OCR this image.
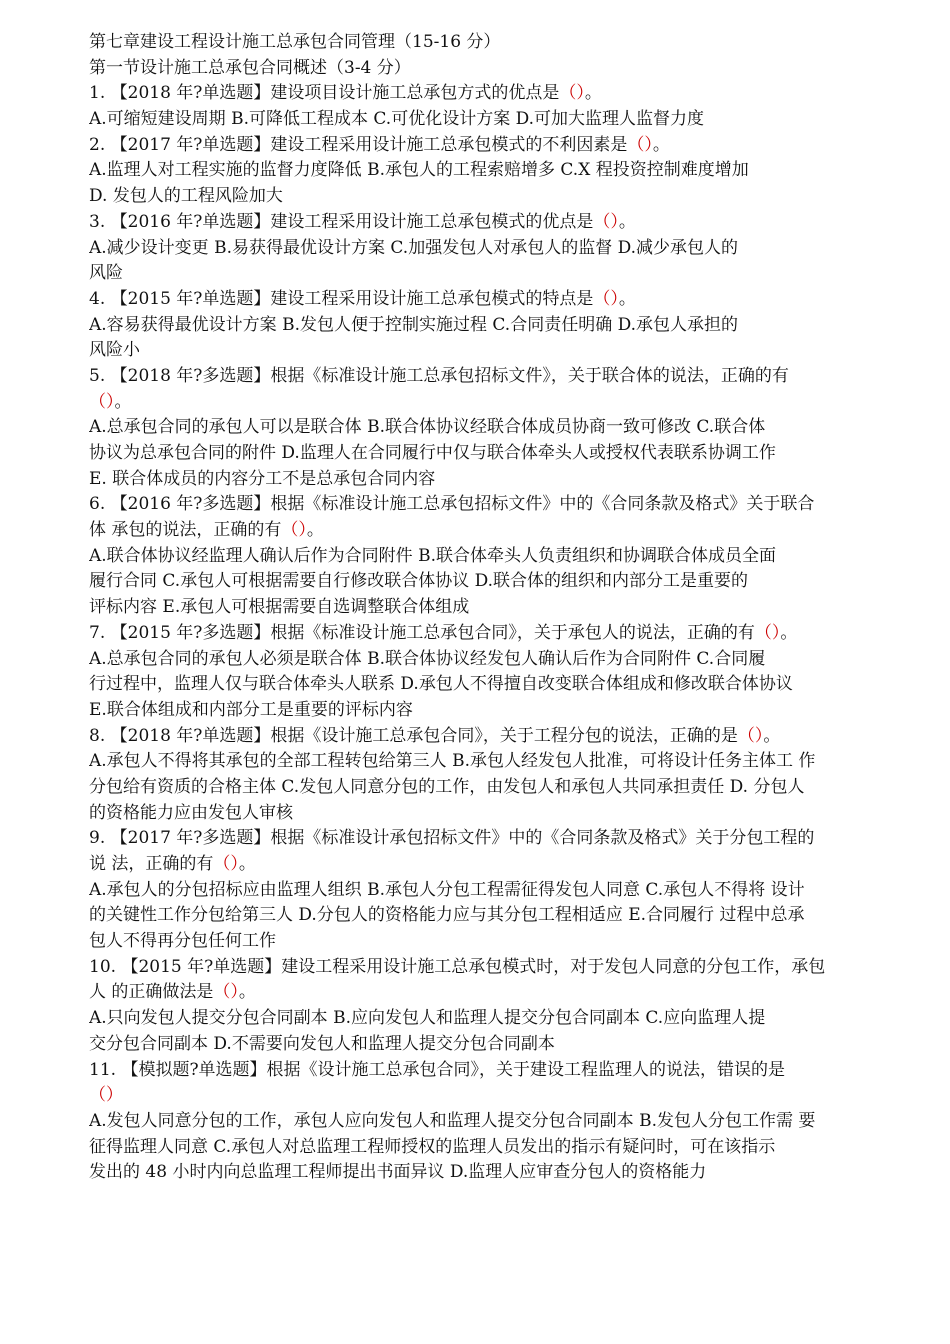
第七章建设工程设计施工总承包合同管理（15-16 分）
第一节设计施工总承包合同概述（3-4 分）
1. 【2018 年?单选题】建设项目设计施工总承包方式的优点是（）。
A.可缩短建设周期 B.可降低工程成本 C.可优化设计方案 D.可加大监理人监督力度
2. 【2017 年?单选题】建设工程采用设计施工总承包模式的不利因素是（）。
A.监理人对工程实施的监督力度降低 B.承包人的工程索赔增多 C.X 程投资控制难度增加
D. 发包人的工程风险加大
3. 【2016 年?单选题】建设工程采用设计施工总承包模式的优点是（）。
A.减少设计变更 B.易获得最优设计方案 C.加强发包人对承包人的监督 D.减少承包人的
风险
4. 【2015 年?单选题】建设工程采用设计施工总承包模式的特点是（）。
A.容易获得最优设计方案 B.发包人便于控制实施过程 C.合同责任明确 D.承包人承担的
风险小
5. 【2018 年?多选题】根据《标准设计施工总承包招标文件》，关于联合体的说法，正确的有
（）。
A.总承包合同的承包人可以是联合体 B.联合体协议经联合体成员协商一致可修改 C.联合体
协议为总承包合同的附件 D.监理人在合同履行中仅与联合体牵头人或授权代表联系协调工作
E. 联合体成员的内容分工不是总承包合同内容
6. 【2016 年?多选题】根据《标准设计施工总承包招标文件》中的《合同条款及格式》关于联合
体 承包的说法，正确的有（）。
A.联合体协议经监理人确认后作为合同附件 B.联合体牵头人负责组织和协调联合体成员全面
履行合同 C.承包人可根据需要自行修改联合体协议 D.联合体的组织和内部分工是重要的
评标内容 E.承包人可根据需要自选调整联合体组成
7. 【2015 年?多选题】根据《标准设计施工总承包合同》，关于承包人的说法，正确的有（）。
A.总承包合同的承包人必须是联合体 B.联合体协议经发包人确认后作为合同附件 C.合同履
行过程中，监理人仅与联合体牵头人联系 D.承包人不得擅自改变联合体组成和修改联合体协议
E.联合体组成和内部分工是重要的评标内容
8. 【2018 年?单选题】根据《设计施工总承包合同》，关于工程分包的说法，正确的是（）。
A.承包人不得将其承包的全部工程转包给第三人 B.承包人经发包人批准，可将设计任务主体工 作
分包给有资质的合格主体 C.发包人同意分包的工作，由发包人和承包人共同承担责任 D. 分包人
的资格能力应由发包人审核
9. 【2017 年?多选题】根据《标准设计承包招标文件》中的《合同条款及格式》关于分包工程的
说 法，正确的有（）。
A.承包人的分包招标应由监理人组织 B.承包人分包工程需征得发包人同意 C.承包人不得将 设计
的关键性工作分包给第三人 D.分包人的资格能力应与其分包工程相适应 E.合同履行 过程中总承
包人不得再分包任何工作
10. 【2015 年?单选题】建设工程采用设计施工总承包模式时，对于发包人同意的分包工作，承包
人 的正确做法是（）。
A.只向发包人提交分包合同副本 B.应向发包人和监理人提交分包合同副本 C.应向监理人提
交分包合同副本 D.不需要向发包人和监理人提交分包合同副本
11. 【模拟题?单选题】根据《设计施工总承包合同》，关于建设工程监理人的说法，错误的是
（）
A.发包人同意分包的工作，承包人应向发包人和监理人提交分包合同副本 B.发包人分包工作需 要
征得监理人同意 C.承包人对总监理工程师授权的监理人员发出的指示有疑问时，可在该指示
发出的 48 小时内向总监理工程师提出书面异议 D.监理人应审查分包人的资格能力
